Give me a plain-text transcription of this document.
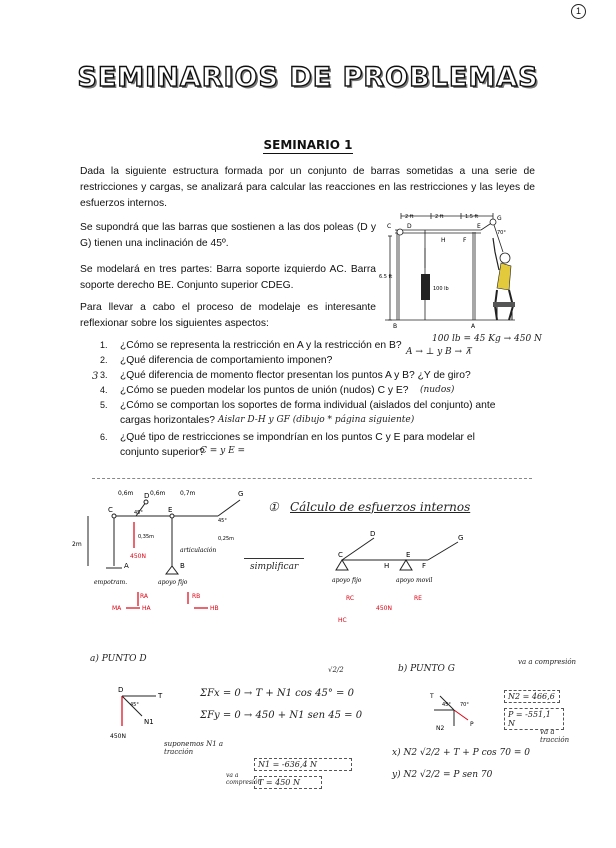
1
SEMINARIOS DE PROBLEMAS
SEMINARIO 1
Dada la siguiente estructura formada por un conjunto de barras sometidas a una serie de restricciones y cargas, se analizará para calcular las reacciones en las restricciones y las leyes de esfuerzos internos.
Se supondrá que las barras que sostienen a las dos poleas (D y G) tienen una inclinación de 45º.
Se modelará en tres partes: Barra soporte izquierdo AC. Barra soporte derecho BE. Conjunto superior CDEG.
Para llevar a cabo el proceso de modelaje es interesante reflexionar sobre los siguientes aspectos:
2 ft	2 ft	1.5 ft
6.5 ft
100 lb
70°
B
H	F
G
E
D
C
A
1. ¿Cómo se representa la restricción en A y la restricción en B?
2. ¿Qué diferencia de comportamiento imponen?
3. ¿Qué diferencia de momento flector presentan los puntos A y B? ¿Y de giro?
4. ¿Cómo se pueden modelar los puntos de unión (nudos) C y E?
5. ¿Cómo se comportan los soportes de forma individual (aislados del conjunto) ante cargas horizontales?
6. ¿Qué tipo de restricciones se impondrían en los puntos C y E para modelar el conjunto superior?
100 lb = 45 Kg → 450 N
A → ⊥ y B → ⊼
3
(nudos)
Aislar D-H y GF (dibujo * página siguiente)
C = y E =
0,6m	0,6m 0,7m
2m
0,35m	0,25m
45°
45°
450N
C
D
E
G
A	B
empotram.	apoyo fijo
articulación
RA
HA
MA
RB
HB
simplificar
① Cálculo de esfuerzos internos
D
C
H
E
F
G
apoyo fijo	apoyo movil
RC
HC
RE
450N
a) PUNTO D
D
T
N1
45°
450N
ΣFx = 0 → T + N1 cos 45° = 0
ΣFy = 0 → 450 + N1 sen 45 = 0
√2/2
suponemos N1 a tracción
N1 = -636,4 N
T = 450 N
va a compresión
b) PUNTO G
T
N2
P
45° 70°
va a compresión
N2 = 466,6
P = -551,1 N
va a tracción
x) N2 √2/2 + T + P cos 70 = 0
y) N2 √2/2 = P sen 70
